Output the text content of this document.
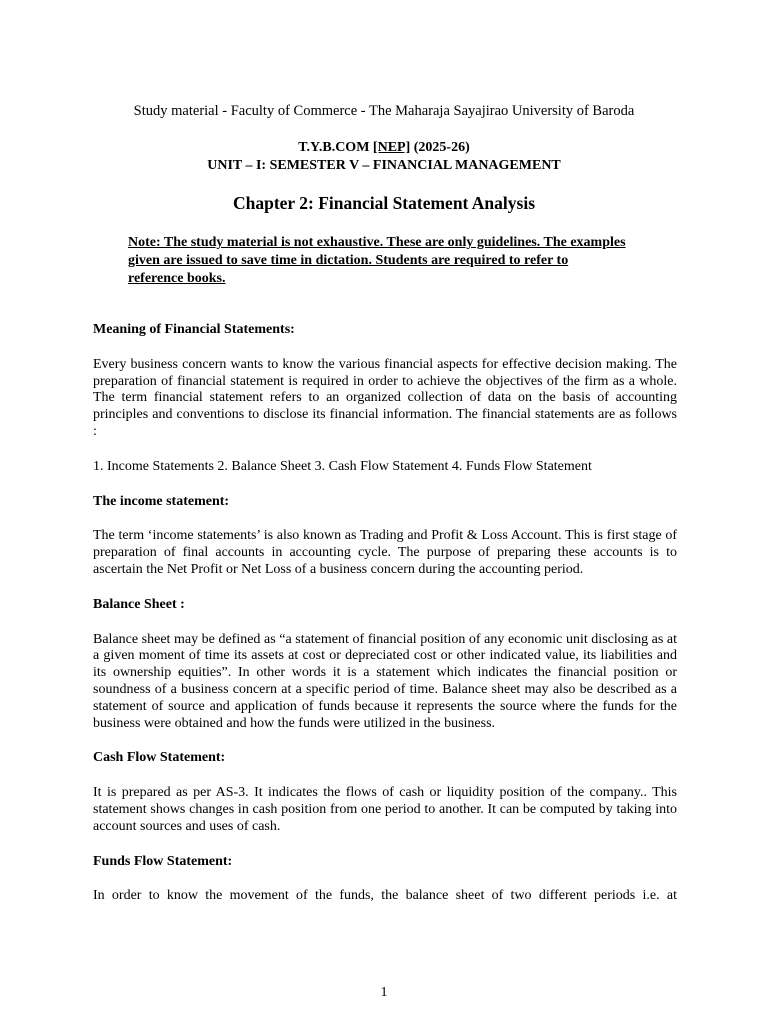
Study material - Faculty of Commerce - The Maharaja Sayajirao University of Baroda
T.Y.B.COM [NEP] (2025-26)
UNIT – I: SEMESTER V – FINANCIAL MANAGEMENT
Chapter 2: Financial Statement Analysis
Note: The study material is not exhaustive. These are only guidelines. The examples
given are issued to save time in dictation. Students are required to refer to
reference books.
Meaning of Financial Statements:
Every business concern wants to know the various financial aspects for effective decision making. The preparation of financial statement is required in order to achieve the objectives of the firm as a whole. The term financial statement refers to an organized collection of data on the basis of accounting principles and conventions to disclose its financial information. The financial statements are as follows :
1. Income Statements 2. Balance Sheet 3. Cash Flow Statement 4. Funds Flow Statement
The income statement:
The term ‘income statements’ is also known as Trading and Profit & Loss Account. This is first stage of preparation of final accounts in accounting cycle. The purpose of preparing these accounts is to ascertain the Net Profit or Net Loss of a business concern during the accounting period.
Balance Sheet :
Balance sheet may be defined as “a statement of financial position of any economic unit disclosing as at a given moment of time its assets at cost or depreciated cost or other indicated value, its liabilities and its ownership equities”. In other words it is a statement which indicates the financial position or soundness of a business concern at a specific period of time. Balance sheet may also be described as a statement of source and application of funds because it represents the source where the funds for the business were obtained and how the funds were utilized in the business.
Cash Flow Statement:
It is prepared as per AS-3. It indicates the flows of cash or liquidity position of the company.. This statement shows changes in cash position from one period to another. It can be computed by taking into account sources and uses of cash.
Funds Flow Statement:
In order to know the movement of the funds, the balance sheet of two different periods i.e. at
1
